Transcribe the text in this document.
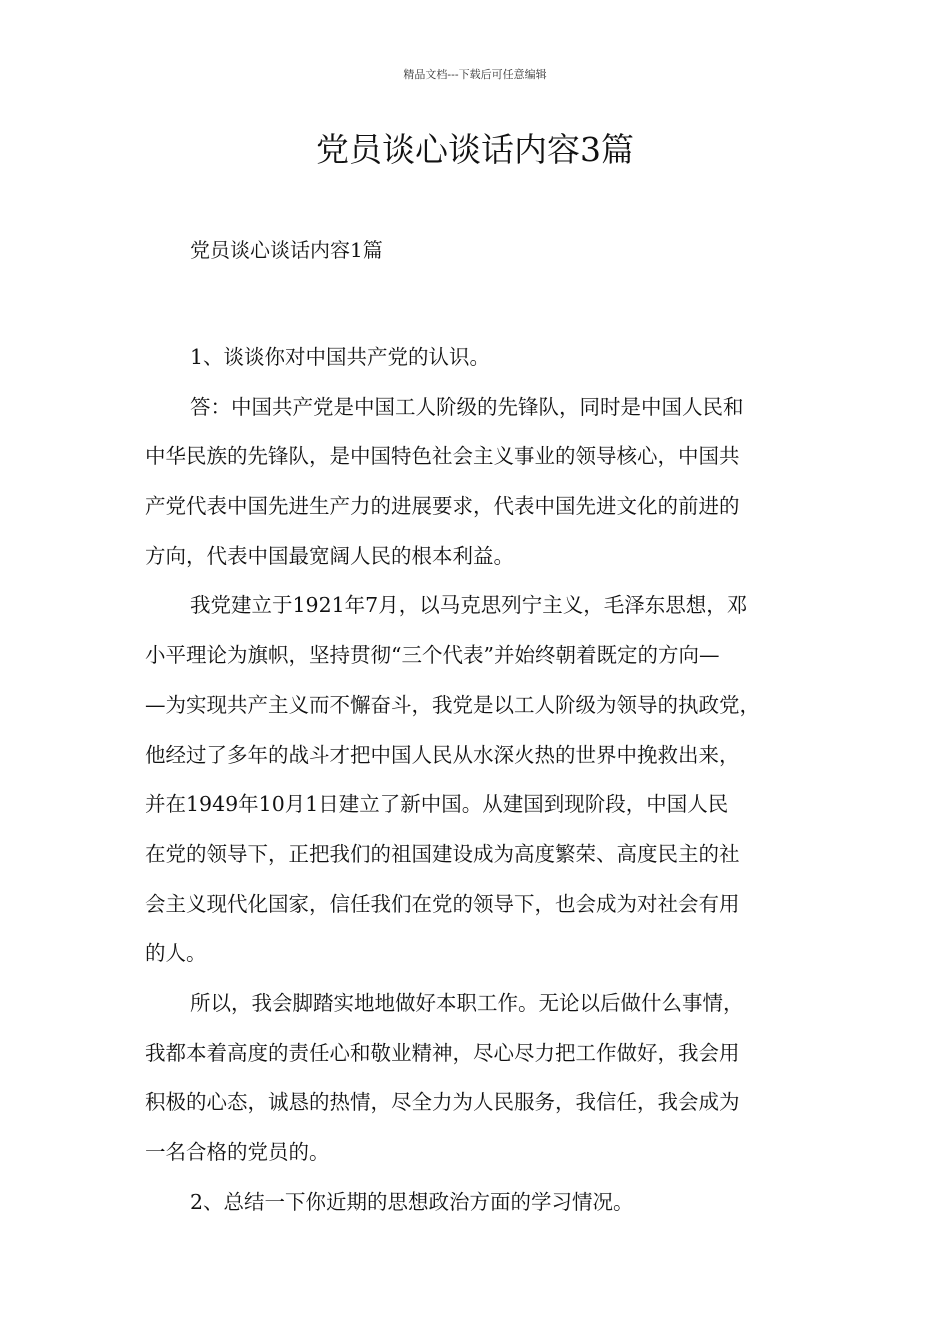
精品文档---下载后可任意编辑
党员谈心谈话内容3篇
党员谈心谈话内容1篇
1、谈谈你对中国共产党的认识。
答：中国共产党是中国工人阶级的先锋队，同时是中国人民和
中华民族的先锋队，是中国特色社会主义事业的领导核心，中国共
产党代表中国先进生产力的进展要求，代表中国先进文化的前进的
方向，代表中国最宽阔人民的根本利益。
我党建立于1921年7月，以马克思列宁主义，毛泽东思想，邓
小平理论为旗帜，坚持贯彻“三个代表”并始终朝着既定的方向—
—为实现共产主义而不懈奋斗，我党是以工人阶级为领导的执政党，
他经过了多年的战斗才把中国人民从水深火热的世界中挽救出来，
并在1949年10月1日建立了新中国。从建国到现阶段，中国人民
在党的领导下，正把我们的祖国建设成为高度繁荣、高度民主的社
会主义现代化国家，信任我们在党的领导下，也会成为对社会有用
的人。
所以，我会脚踏实地地做好本职工作。无论以后做什么事情，
我都本着高度的责任心和敬业精神，尽心尽力把工作做好，我会用
积极的心态，诚恳的热情，尽全力为人民服务，我信任，我会成为
一名合格的党员的。
2、总结一下你近期的思想政治方面的学习情况。
